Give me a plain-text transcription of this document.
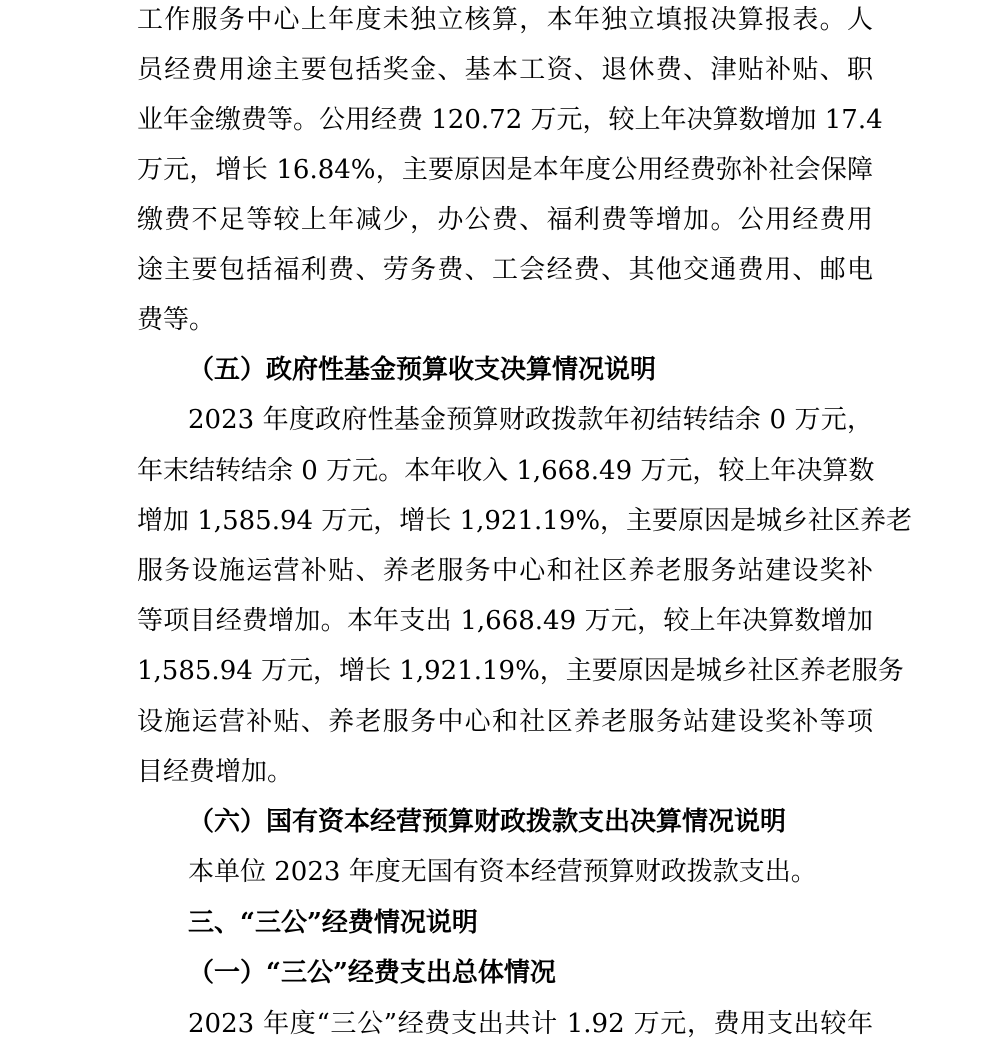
工作服务中心上年度未独立核算，本年独立填报决算报表。人
员经费用途主要包括奖金、基本工资、退休费、津贴补贴、职
业年金缴费等。公用经费 120.72 万元，较上年决算数增加 17.4
万元，增长 16.84%，主要原因是本年度公用经费弥补社会保障
缴费不足等较上年减少，办公费、福利费等增加。公用经费用
途主要包括福利费、劳务费、工会经费、其他交通费用、邮电
费等。
（五）政府性基金预算收支决算情况说明
2023 年度政府性基金预算财政拨款年初结转结余 0 万元，
年末结转结余 0 万元。本年收入 1,668.49 万元，较上年决算数
增加 1,585.94 万元，增长 1,921.19%，主要原因是城乡社区养老
服务设施运营补贴、养老服务中心和社区养老服务站建设奖补
等项目经费增加。本年支出 1,668.49 万元，较上年决算数增加
1,585.94 万元，增长 1,921.19%，主要原因是城乡社区养老服务
设施运营补贴、养老服务中心和社区养老服务站建设奖补等项
目经费增加。
（六）国有资本经营预算财政拨款支出决算情况说明
本单位 2023 年度无国有资本经营预算财政拨款支出。
三、“三公”经费情况说明
（一）“三公”经费支出总体情况
2023 年度“三公”经费支出共计 1.92 万元，费用支出较年
